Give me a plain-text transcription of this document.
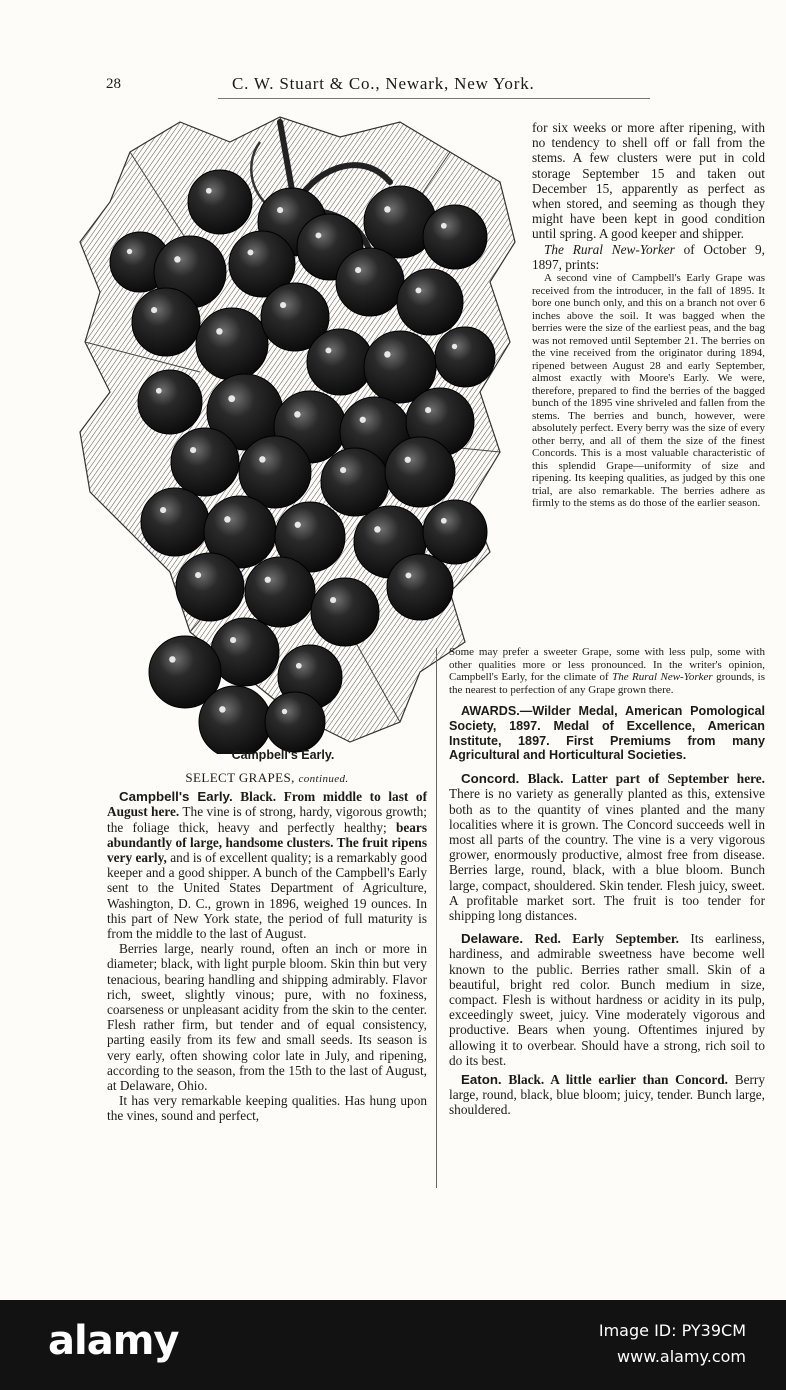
28	C. W. Stuart & Co., Newark, New York.
Campbell's Early.

SELECT GRAPES, continued.

Campbell's Early. Black. From middle to last of August here. The vine is of strong, hardy, vigorous growth; the foliage thick, heavy and perfectly healthy; bears abundantly of large, handsome clusters. The fruit ripens very early, and is of excellent quality; is a remarkably good keeper and a good shipper. A bunch of the Campbell's Early sent to the United States Department of Agriculture, Washington, D. C., grown in 1896, weighed 19 ounces. In this part of New York state, the period of full maturity is from the middle to the last of August.

Berries large, nearly round, often an inch or more in diameter; black, with light purple bloom. Skin thin but very tenacious, bearing handling and shipping admirably. Flavor rich, sweet, slightly vinous; pure, with no foxiness, coarseness or unpleasant acidity from the skin to the center. Flesh rather firm, but tender and of equal consistency, parting easily from its few and small seeds. Its season is very early, often showing color late in July, and ripening, according to the season, from the 15th to the last of August, at Delaware, Ohio.

It has very remarkable keeping qualities. Has hung upon the vines, sound and perfect,

for six weeks or more after ripening, with no tendency to shell off or fall from the stems. A few clusters were put in cold storage September 15 and taken out December 15, apparently as perfect as when stored, and seeming as though they might have been kept in good condition until spring. A good keeper and shipper.

The Rural New-Yorker of October 9, 1897, prints:

A second vine of Campbell's Early Grape was received from the introducer, in the fall of 1895. It bore one bunch only, and this on a branch not over 6 inches above the soil. It was bagged when the berries were the size of the earliest peas, and the bag was not removed until September 21. The berries on the vine received from the originator during 1894, ripened between August 28 and early September, almost exactly with Moore's Early. We were, therefore, prepared to find the berries of the bagged bunch of the 1895 vine shriveled and fallen from the stems. The berries and bunch, however, were absolutely perfect. Every berry was the size of every other berry, and all of them the size of the finest Concords. This is a most valuable characteristic of this splendid Grape—uniformity of size and ripening. Its keeping qualities, as judged by this one trial, are also remarkable. The berries adhere as firmly to the stems as do those of the earlier season.

Some may prefer a sweeter Grape, some with less pulp, some with other qualities more or less pronounced. In the writer's opinion, Campbell's Early, for the climate of The Rural New-Yorker grounds, is the nearest to perfection of any Grape grown there.

AWARDS.—Wilder Medal, American Pomological Society, 1897. Medal of Excellence, American Institute, 1897. First Premiums from many Agricultural and Horticultural Societies.

Concord. Black. Latter part of September here. There is no variety as generally planted as this, extensive both as to the quantity of vines planted and the many localities where it is grown. The Concord succeeds well in most all parts of the country. The vine is a very vigorous grower, enormously productive, almost free from disease. Berries large, round, black, with a blue bloom. Bunch large, compact, shouldered. Skin tender. Flesh juicy, sweet. A profitable market sort. The fruit is too tender for shipping long distances.

Delaware. Red. Early September. Its earliness, hardiness, and admirable sweetness have become well known to the public. Berries rather small. Skin of a beautiful, bright red color. Bunch medium in size, compact. Flesh is without hardness or acidity in its pulp, exceedingly sweet, juicy. Vine moderately vigorous and productive. Bears when young. Oftentimes injured by allowing it to overbear. Should have a strong, rich soil to do its best.

Eaton. Black. A little earlier than Concord. Berry large, round, black, blue bloom; juicy, tender. Bunch large, shouldered.

alamy	Image ID: PY39CM
www.alamy.com
